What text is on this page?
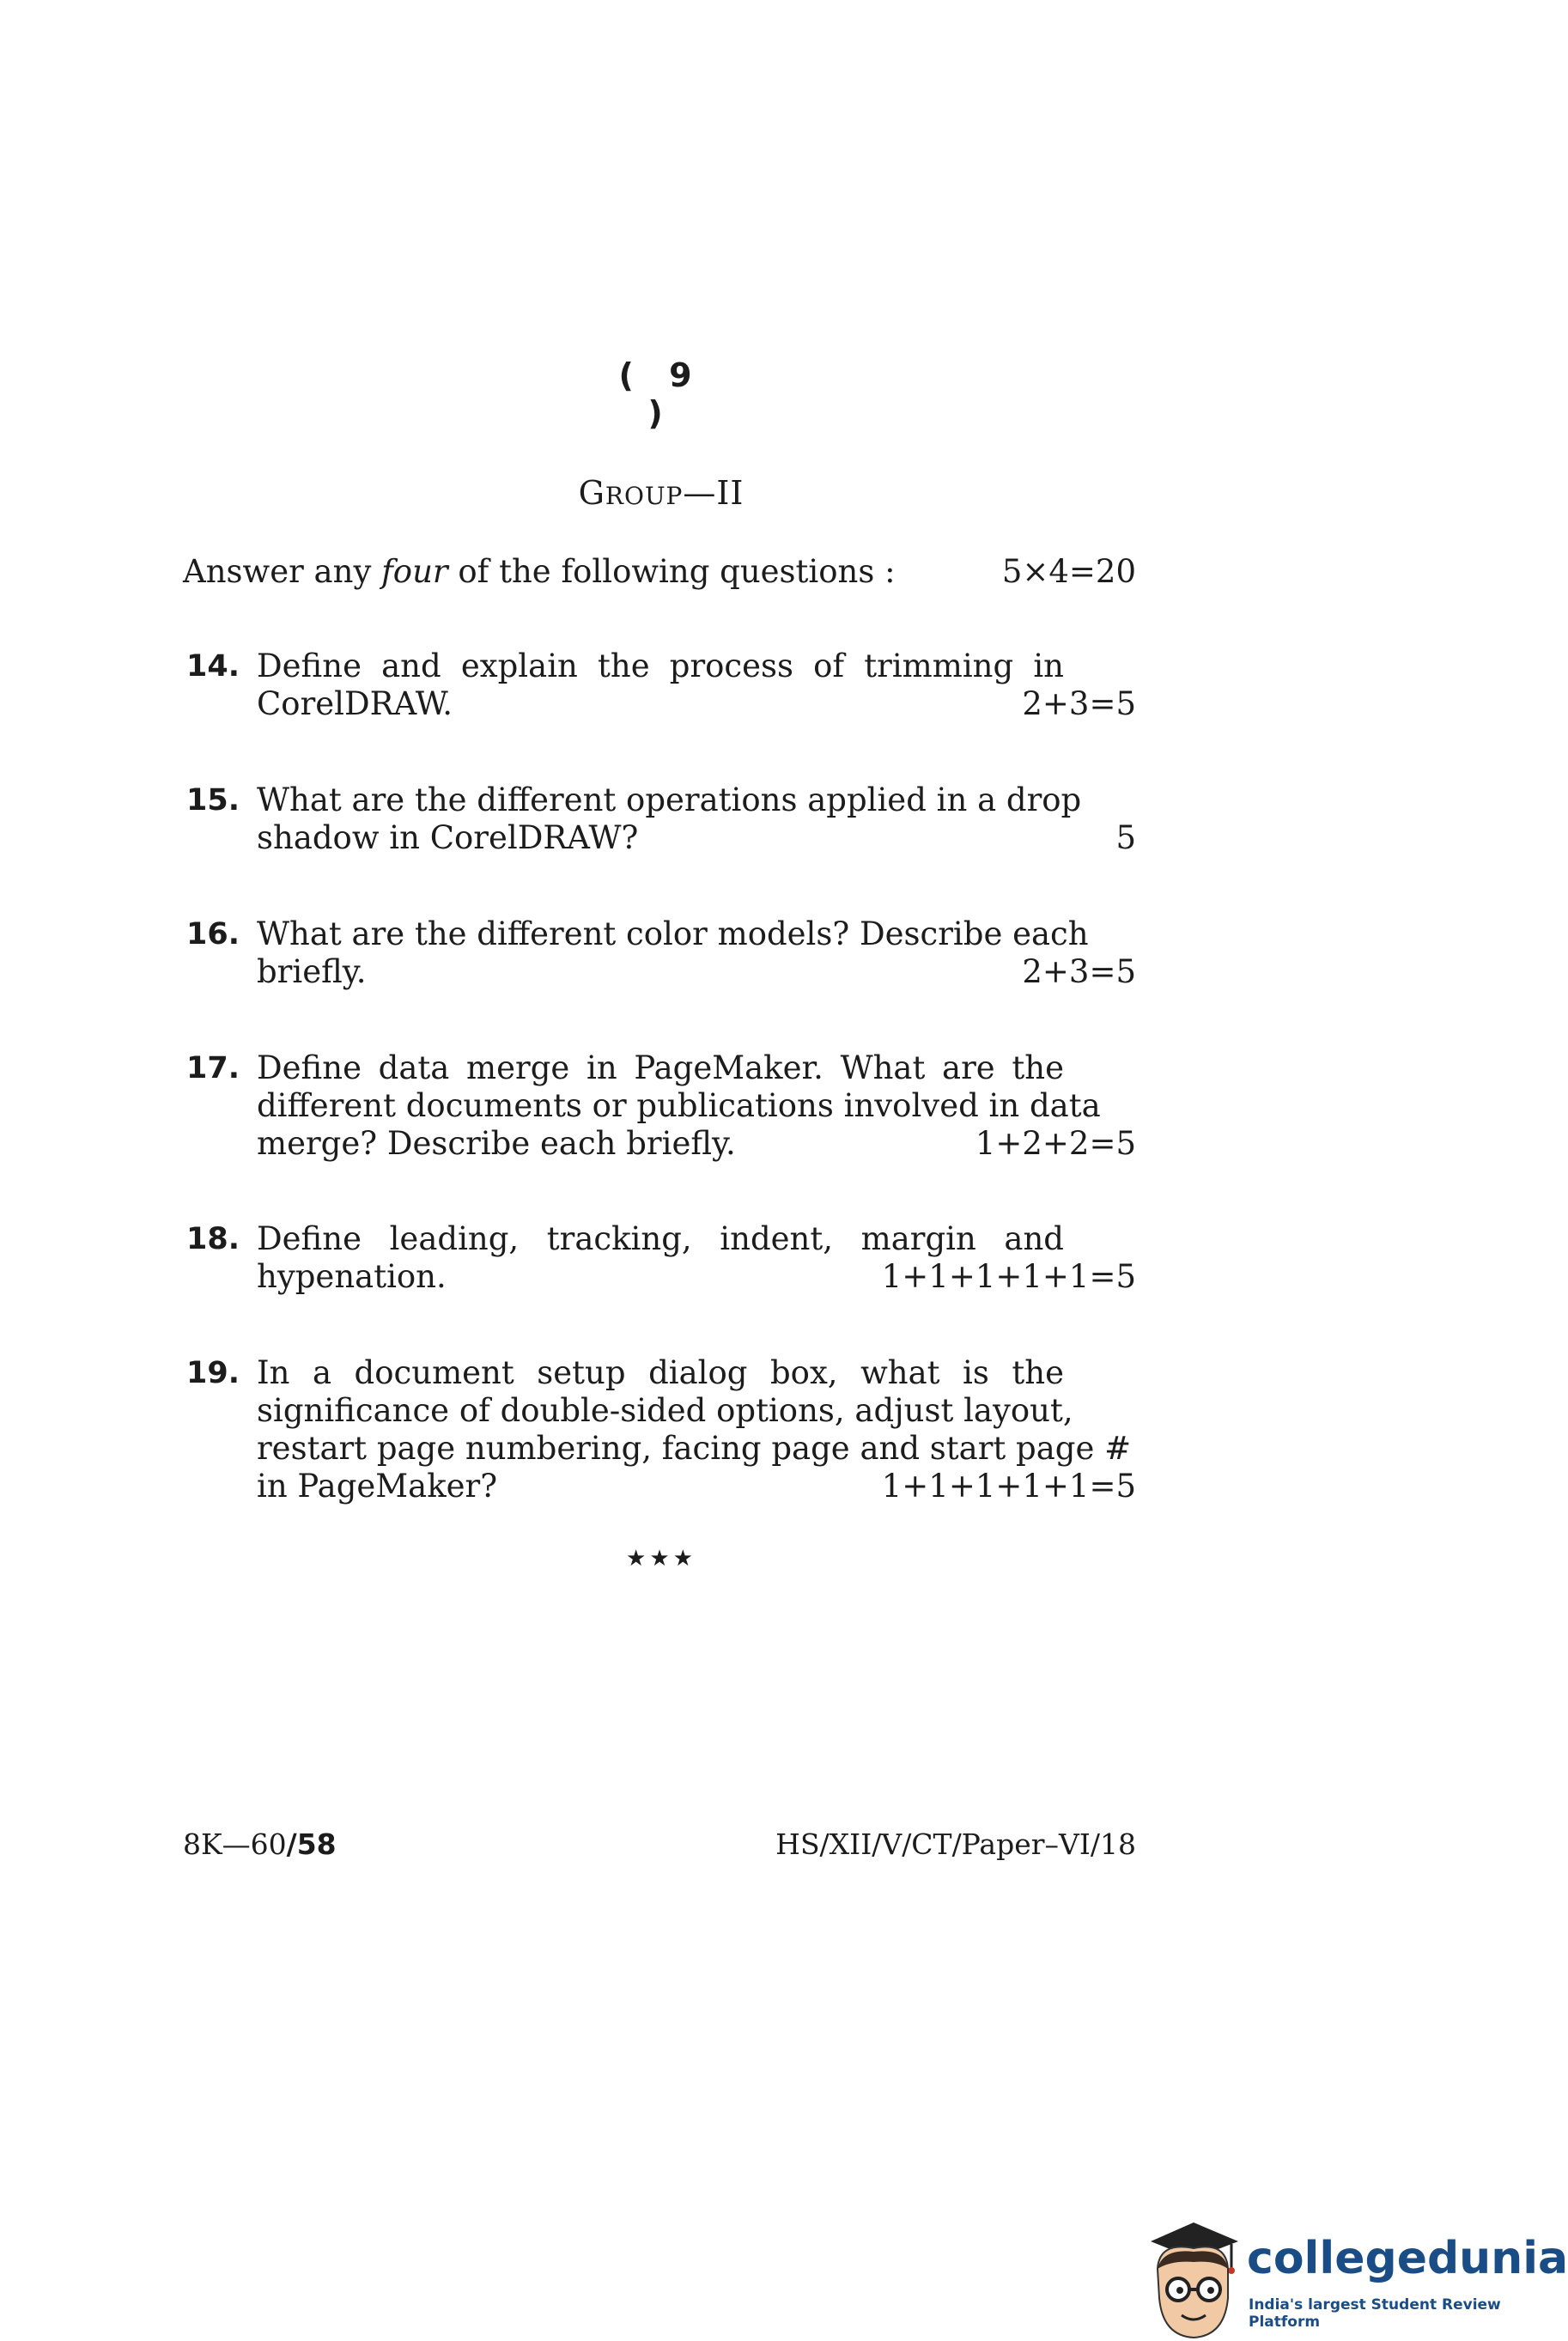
( 9 )
GROUP—II
Answer any four of the following questions :	5×4=20
14. Define and explain the process of trimming in
CorelDRAW.	2+3=5
15. What are the different operations applied in a drop
shadow in CorelDRAW?	5
16. What are the different color models? Describe each
briefly.	2+3=5
17. Define data merge in PageMaker. What are the
different documents or publications involved in data
merge? Describe each briefly.	1+2+2=5
18. Define leading, tracking, indent, margin and
hypenation.	1+1+1+1+1=5
19. In a document setup dialog box, what is the
significance of double-sided options, adjust layout,
restart page numbering, facing page and start page #
in PageMaker?	1+1+1+1+1=5
★★★
8K—60/58	HS/XII/V/CT/Paper–VI/18
collegedunia
India's largest Student Review Platform
